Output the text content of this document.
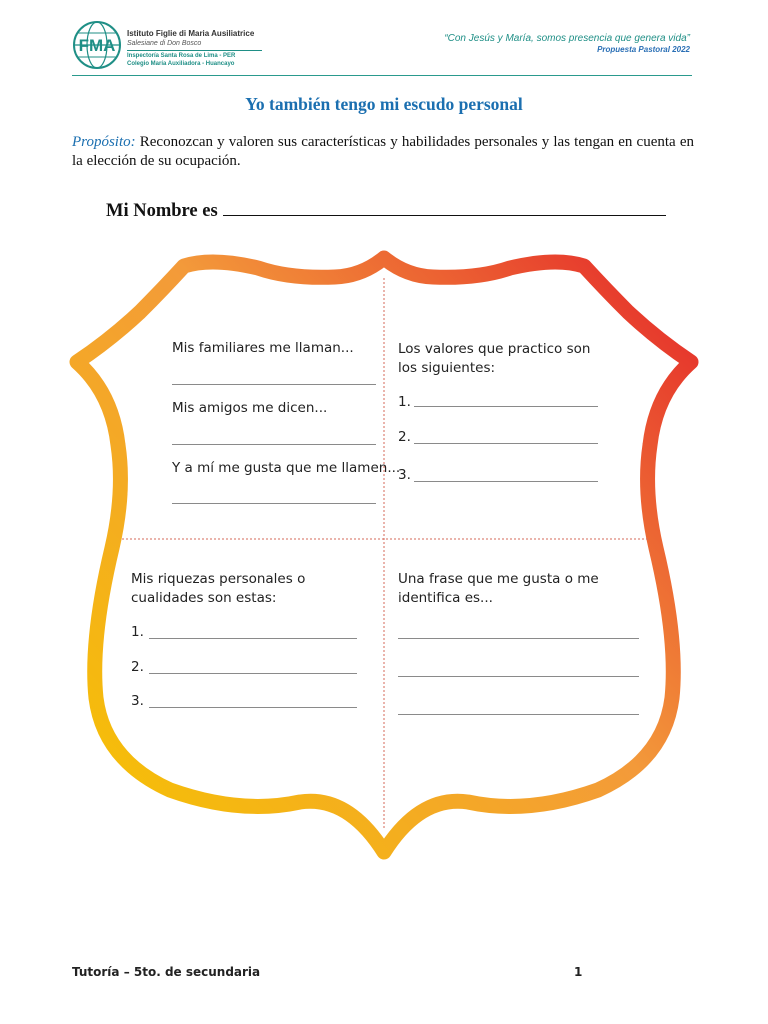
FMA
Istituto Figlie di Maria Ausiliatrice
Salesiane di Don Bosco
Inspectoría Santa Rosa de Lima - PER
Colegio María Auxiliadora - Huancayo
“Con Jesús y María, somos presencia que genera vida”
Propuesta Pastoral 2022
Yo también tengo mi escudo personal
Propósito: Reconozcan y valoren sus características y habilidades personales y las tengan en cuenta en la elección de su ocupación.
Mi Nombre es
Mis familiares me llaman...
Mis amigos me dicen...
Y a mí me gusta que me llamen...
Los valores que practico son
los siguientes:
1.
2.
3.
Mis riquezas personales o
cualidades son estas:
1.
2.
3.
Una frase que me gusta o me
identifica es...
Tutoría – 5to. de secundaria	1
